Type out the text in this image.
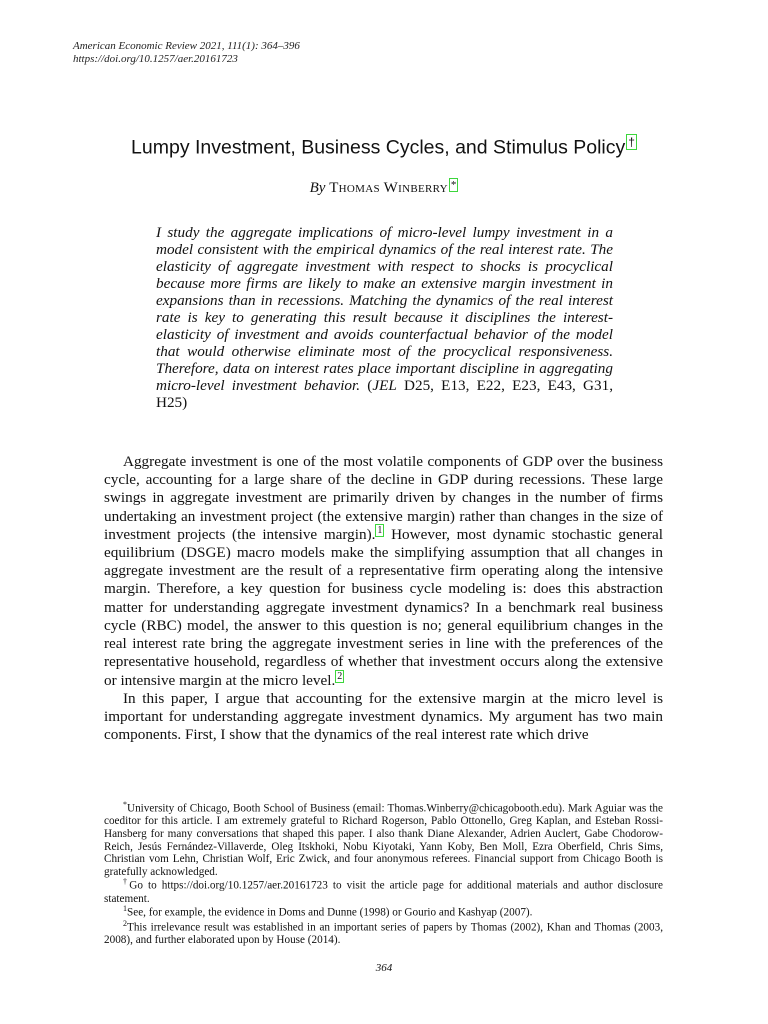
American Economic Review 2021, 111(1): 364–396
https://doi.org/10.1257/aer.20161723
Lumpy Investment, Business Cycles, and Stimulus Policy †
By Thomas Winberry *
I study the aggregate implications of micro-level lumpy investment in a model consistent with the empirical dynamics of the real interest rate. The elasticity of aggregate investment with respect to shocks is procyclical because more firms are likely to make an extensive margin investment in expansions than in recessions. Matching the dynamics of the real interest rate is key to generating this result because it disciplines the interest-elasticity of investment and avoids counterfactual behavior of the model that would otherwise eliminate most of the procyclical responsiveness. Therefore, data on interest rates place important discipline in aggregating micro-level investment behavior. (JEL D25, E13, E22, E23, E43, G31, H25)

Aggregate investment is one of the most volatile components of GDP over the business cycle, accounting for a large share of the decline in GDP during recessions. These large swings in aggregate investment are primarily driven by changes in the number of firms undertaking an investment project (the extensive margin) rather than changes in the size of investment projects (the intensive margin). $^1$ However, most dynamic stochastic general equilibrium (DSGE) macro models make the simplifying assumption that all changes in aggregate investment are the result of a representative firm operating along the intensive margin. Therefore, a key question for business cycle modeling is: does this abstraction matter for understanding aggregate investment dynamics? In a benchmark real business cycle (RBC) model, the answer to this question is no; general equilibrium changes in the real interest rate bring the aggregate investment series in line with the preferences of the representative household, regardless of whether that investment occurs along the extensive or intensive margin at the micro level. $^2$

In this paper, I argue that accounting for the extensive margin at the micro level is important for understanding aggregate investment dynamics. My argument has two main components. First, I show that the dynamics of the real interest rate which drive

*University of Chicago, Booth School of Business (email: Thomas.Winberry@chicagobooth.edu). Mark Aguiar was the coeditor for this article. I am extremely grateful to Richard Rogerson, Pablo Ottonello, Greg Kaplan, and Esteban Rossi-Hansberg for many conversations that shaped this paper. I also thank Diane Alexander, Adrien Auclert, Gabe Chodorow-Reich, Jesús Fernández-Villaverde, Oleg Itskhoki, Nobu Kiyotaki, Yann Koby, Ben Moll, Ezra Oberfield, Chris Sims, Christian vom Lehn, Christian Wolf, Eric Zwick, and four anonymous referees. Financial support from Chicago Booth is gratefully acknowledged.

†Go to https://doi.org/10.1257/aer.20161723 to visit the article page for additional materials and author disclosure statement.

$^1$See, for example, the evidence in Doms and Dunne (1998) or Gourio and Kashyap (2007).

$^2$This irrelevance result was established in an important series of papers by Thomas (2002), Khan and Thomas (2003, 2008), and further elaborated upon by House (2014).

364
